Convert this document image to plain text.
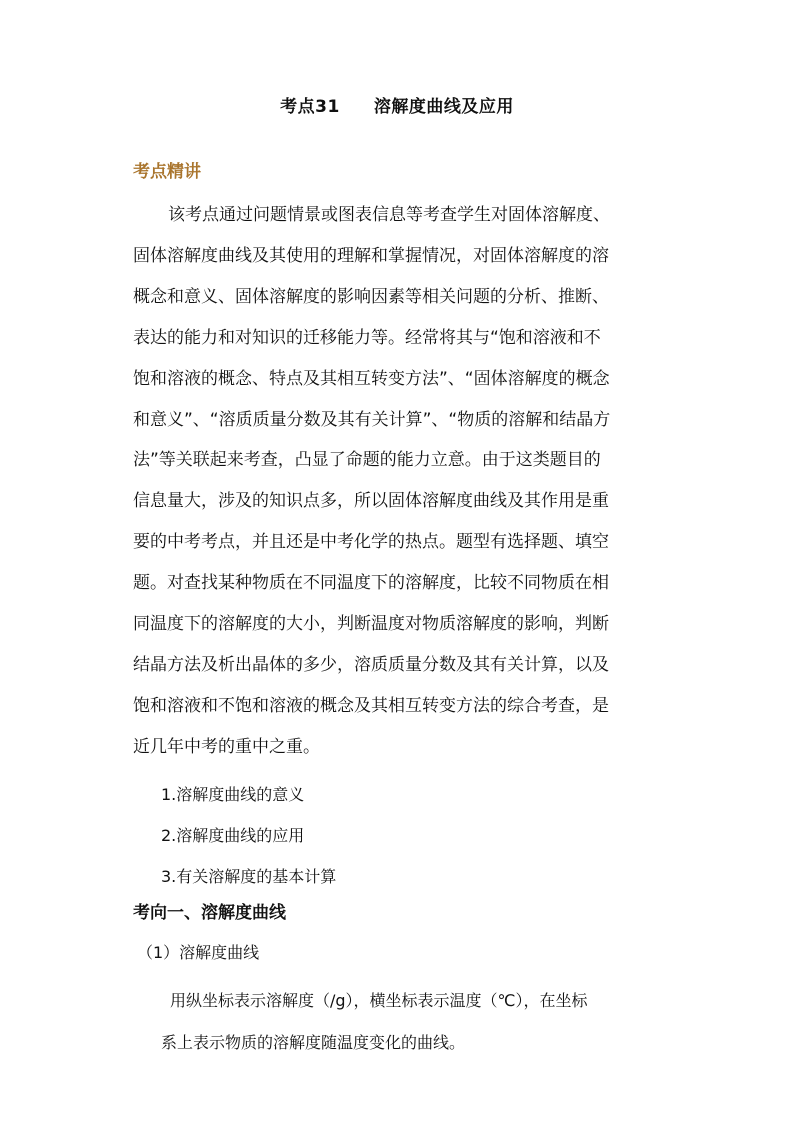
考点31 溶解度曲线及应用
考点精讲
该考点通过问题情景或图表信息等考查学生对固体溶解度、
固体溶解度曲线及其使用的理解和掌握情况，对固体溶解度的溶
概念和意义、固体溶解度的影响因素等相关问题的分析、推断、
表达的能力和对知识的迁移能力等。经常将其与“饱和溶液和不
饱和溶液的概念、特点及其相互转变方法”、“固体溶解度的概念
和意义”、“溶质质量分数及其有关计算”、“物质的溶解和结晶方
法”等关联起来考查，凸显了命题的能力立意。由于这类题目的
信息量大，涉及的知识点多，所以固体溶解度曲线及其作用是重
要的中考考点，并且还是中考化学的热点。题型有选择题、填空
题。对查找某种物质在不同温度下的溶解度，比较不同物质在相
同温度下的溶解度的大小，判断温度对物质溶解度的影响，判断
结晶方法及析出晶体的多少，溶质质量分数及其有关计算，以及
饱和溶液和不饱和溶液的概念及其相互转变方法的综合考查，是
近几年中考的重中之重。
1.溶解度曲线的意义
2.溶解度曲线的应用
3.有关溶解度的基本计算
考向一、溶解度曲线
（1）溶解度曲线
用纵坐标表示溶解度（/g），横坐标表示温度（℃），在坐标
系上表示物质的溶解度随温度变化的曲线。
